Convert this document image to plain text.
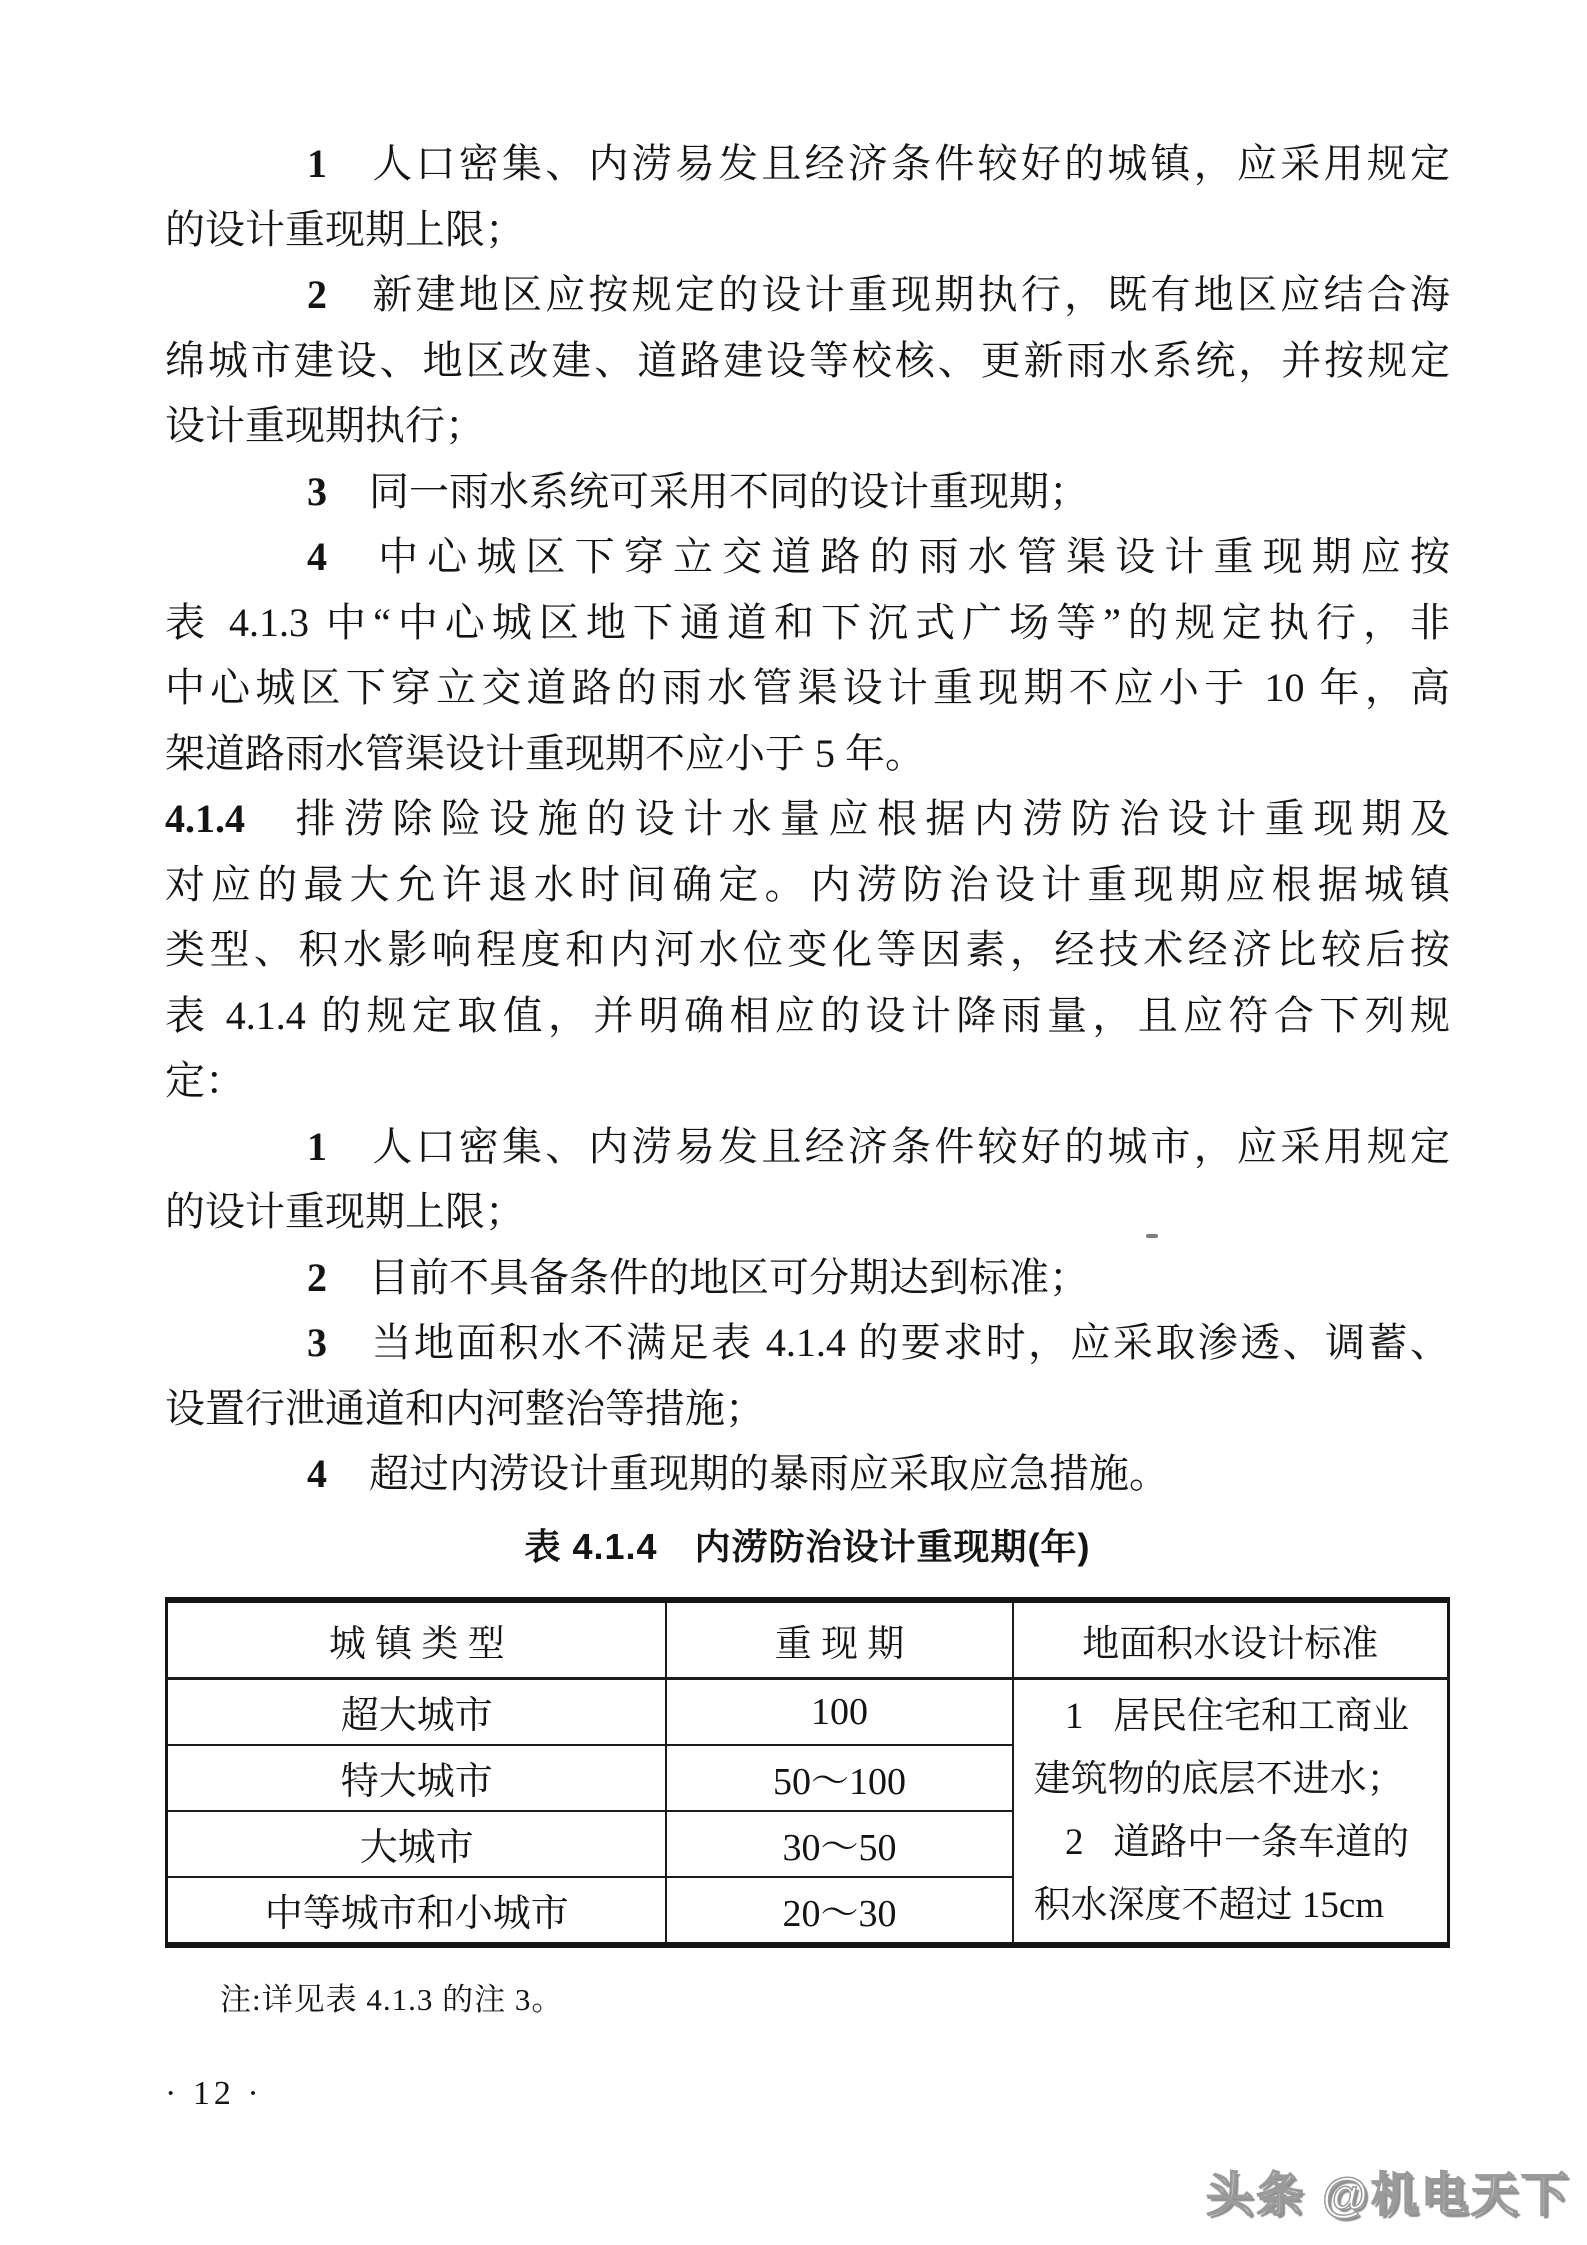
1 人口密集、内涝易发且经济条件较好的城镇，应采用规定
的设计重现期上限；
2 新建地区应按规定的设计重现期执行，既有地区应结合海
绵城市建设、地区改建、道路建设等校核、更新雨水系统，并按规定
设计重现期执行；
3 同一雨水系统可采用不同的设计重现期；
4 中心城区下穿立交道路的雨水管渠设计重现期应按
表 4.1.3 中“中心城区地下通道和下沉式广场等”的规定执行，非
中心城区下穿立交道路的雨水管渠设计重现期不应小于 10 年，高
架道路雨水管渠设计重现期不应小于 5 年。
4.1.4 排涝除险设施的设计水量应根据内涝防治设计重现期及
对应的最大允许退水时间确定。内涝防治设计重现期应根据城镇
类型、积水影响程度和内河水位变化等因素，经技术经济比较后按
表 4.1.4 的规定取值，并明确相应的设计降雨量，且应符合下列规
定：
1 人口密集、内涝易发且经济条件较好的城市，应采用规定
的设计重现期上限；
2 目前不具备条件的地区可分期达到标准；
3 当地面积水不满足表 4.1.4 的要求时，应采取渗透、调蓄、
设置行泄通道和内河整治等措施；
4 超过内涝设计重现期的暴雨应采取应急措施。
表 4.1.4　内涝防治设计重现期(年)
城 镇 类 型	重 现 期	地面积水设计标准
超大城市	100	1 居民住宅和工商业
建筑物的底层不进水；
2 道路中一条车道的
积水深度不超过 15cm

特大城市	50～100	
大城市	30～50	
中等城市和小城市	20～30	
注:详见表 4.1.3 的注 3。
· 12 ·
头条 @机电天下
